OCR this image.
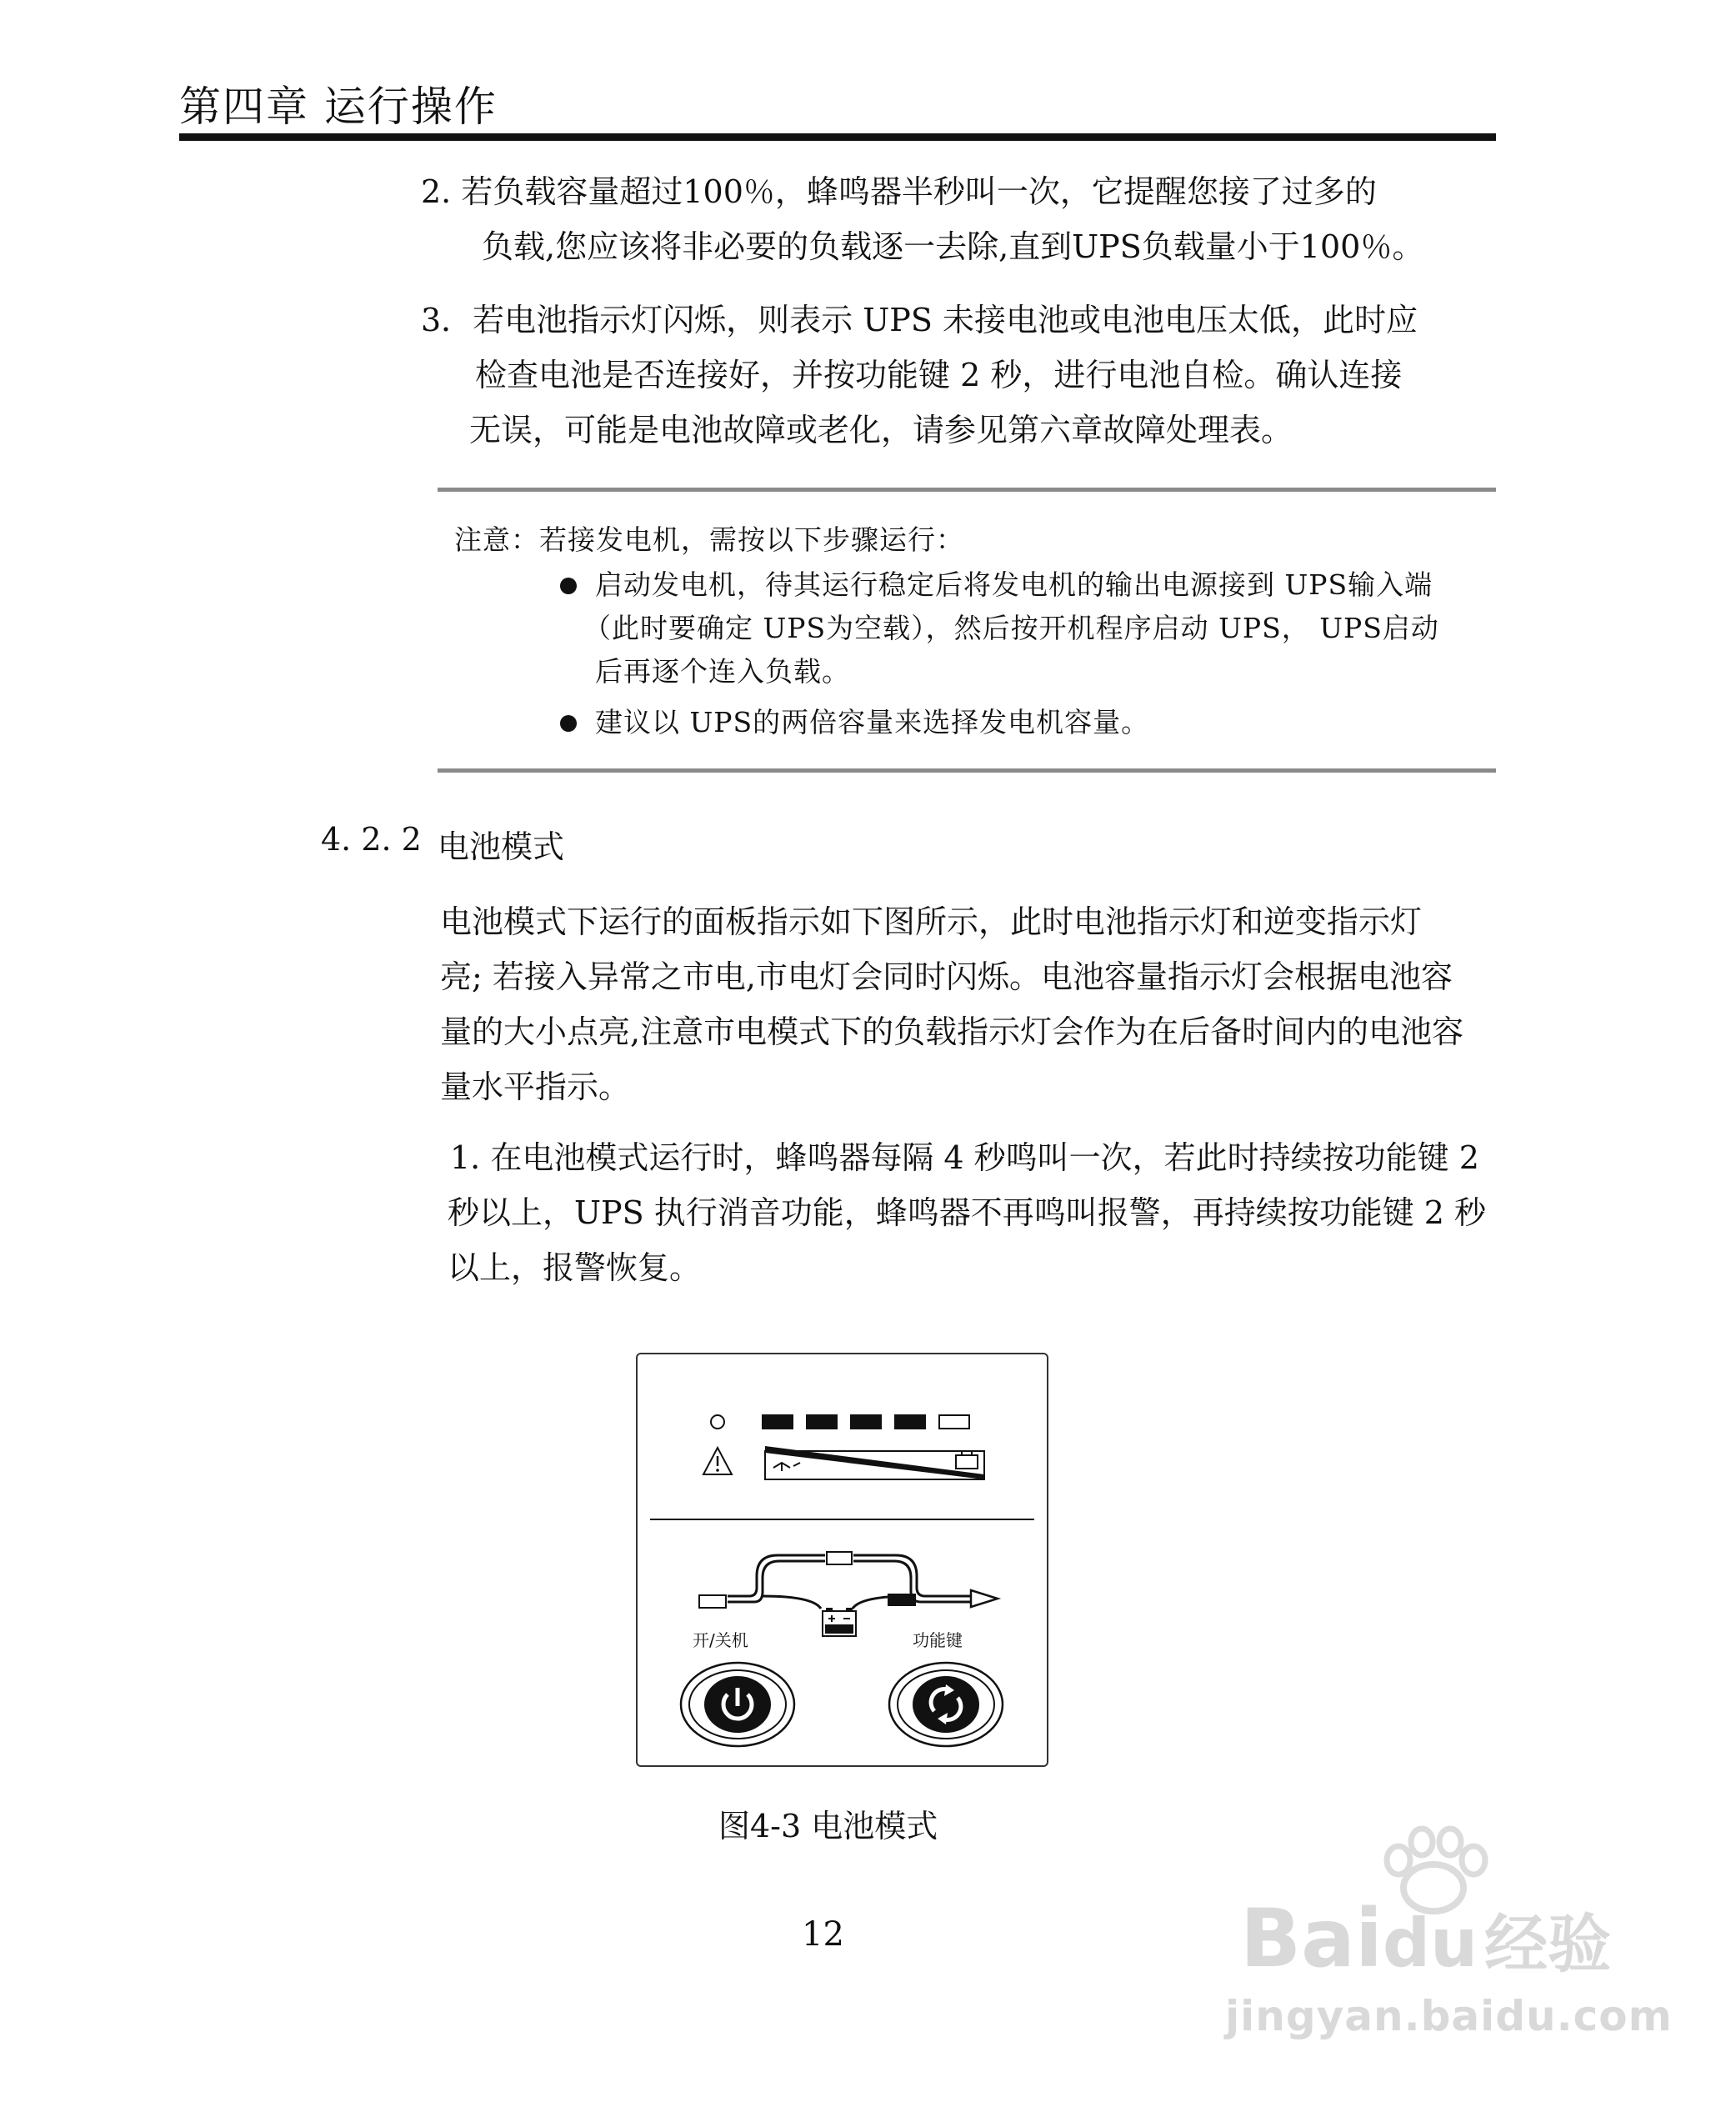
第四章 运行操作
2. 若负载容量超过100％，蜂鸣器半秒叫一次，它提醒您接了过多的
负载,您应该将非必要的负载逐一去除,直到UPS负载量小于100％。
3．若电池指示灯闪烁，则表示 UPS 未接电池或电池电压太低，此时应
检查电池是否连接好，并按功能键 2 秒，进行电池自检。确认连接
无误，可能是电池故障或老化，请参见第六章故障处理表。
注意：若接发电机，需按以下步骤运行：
启动发电机，待其运行稳定后将发电机的输出电源接到 UPS输入端
（此时要确定 UPS为空载），然后按开机程序启动 UPS， UPS启动
后再逐个连入负载。
建议以 UPS的两倍容量来选择发电机容量。
4. 2. 2 电池模式
电池模式下运行的面板指示如下图所示，此时电池指示灯和逆变指示灯
亮; 若接入异常之市电,市电灯会同时闪烁。电池容量指示灯会根据电池容
量的大小点亮,注意市电模式下的负载指示灯会作为在后备时间内的电池容
量水平指示。
1. 在电池模式运行时，蜂鸣器每隔 4 秒鸣叫一次，若此时持续按功能键 2
秒以上，UPS 执行消音功能，蜂鸣器不再鸣叫报警，再持续按功能键 2 秒
以上，报警恢复。
开/关机	功能键
图4-3 电池模式
12	Baidu 经验
jingyan.baidu.com
